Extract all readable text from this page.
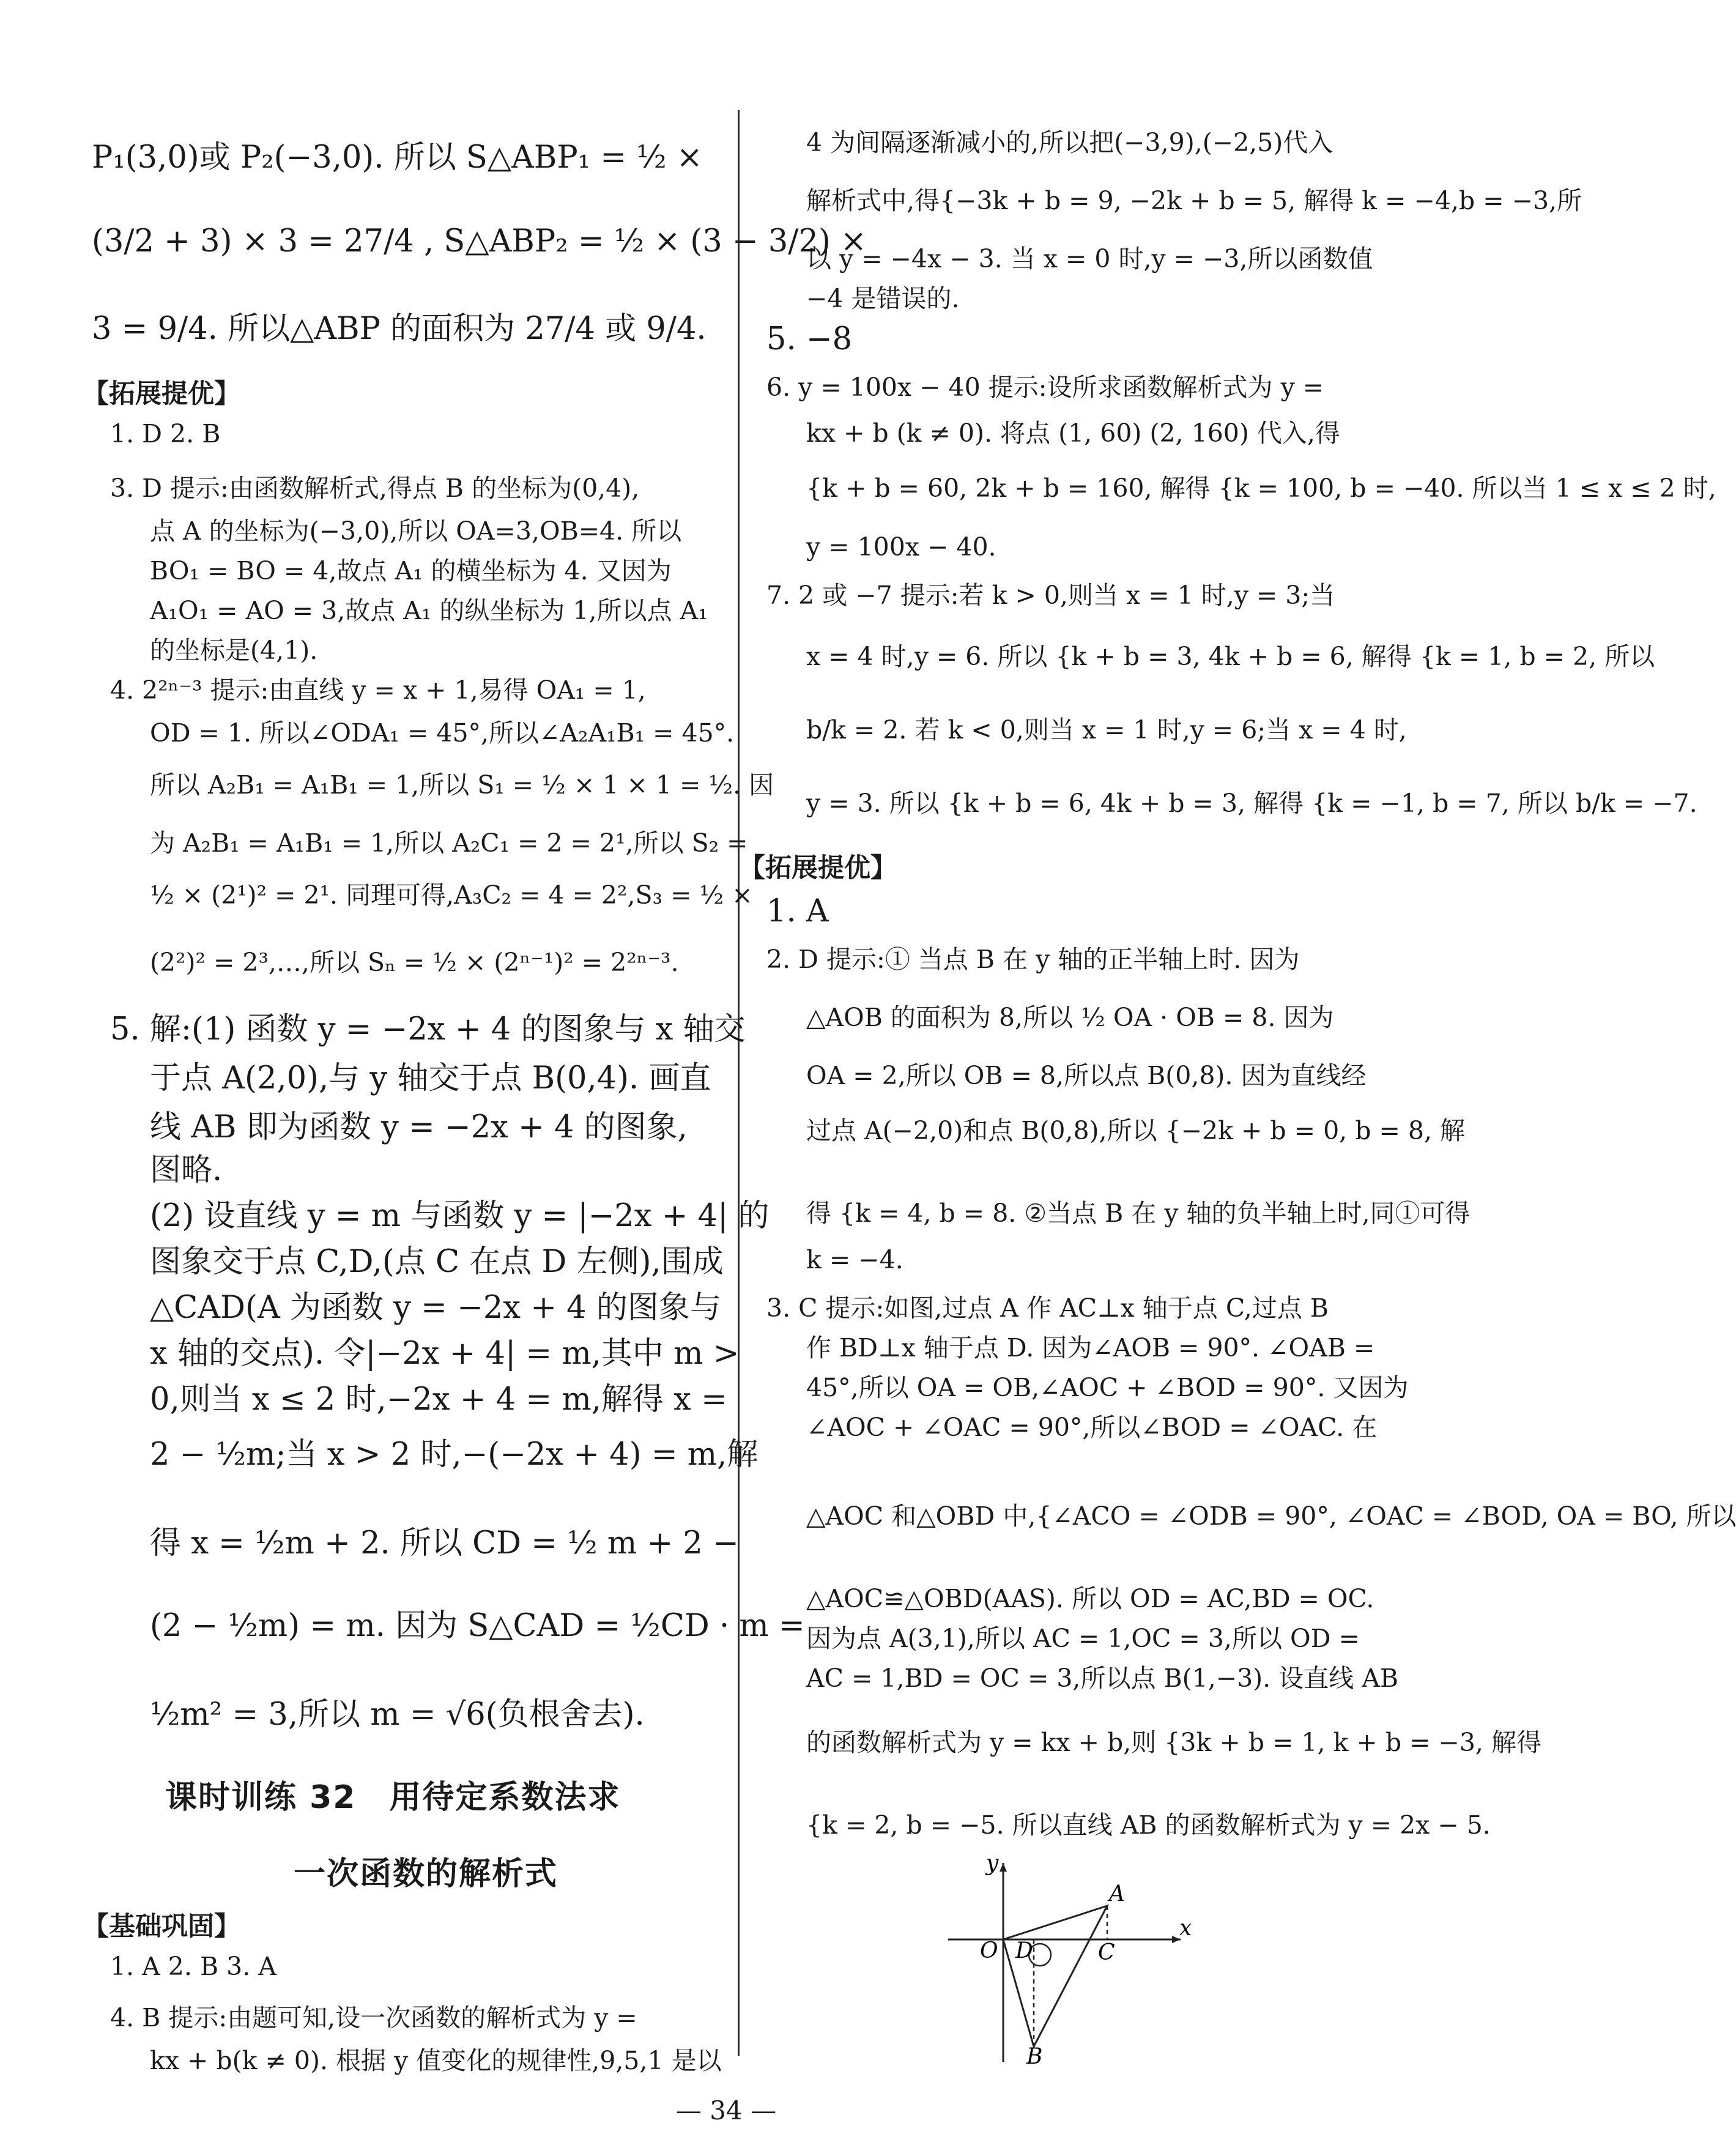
P₁(3,0)或 P₂(−3,0). 所以 S△ABP₁ = ½ ×
(3/2 + 3) × 3 = 27/4 , S△ABP₂ = ½ × (3 − 3/2) ×
3 = 9/4. 所以△ABP 的面积为 27/4 或 9/4.
【拓展提优】
1. D 2. B
3. D 提示:由函数解析式,得点 B 的坐标为(0,4),
点 A 的坐标为(−3,0),所以 OA=3,OB=4. 所以
BO₁ = BO = 4,故点 A₁ 的横坐标为 4. 又因为
A₁O₁ = AO = 3,故点 A₁ 的纵坐标为 1,所以点 A₁
的坐标是(4,1).
4. 2²ⁿ⁻³ 提示:由直线 y = x + 1,易得 OA₁ = 1,
OD = 1. 所以∠ODA₁ = 45°,所以∠A₂A₁B₁ = 45°.
所以 A₂B₁ = A₁B₁ = 1,所以 S₁ = ½ × 1 × 1 = ½. 因
为 A₂B₁ = A₁B₁ = 1,所以 A₂C₁ = 2 = 2¹,所以 S₂ =
½ × (2¹)² = 2¹. 同理可得,A₃C₂ = 4 = 2²,S₃ = ½ ×
(2²)² = 2³,…,所以 Sₙ = ½ × (2ⁿ⁻¹)² = 2²ⁿ⁻³.
5. 解:(1) 函数 y = −2x + 4 的图象与 x 轴交
于点 A(2,0),与 y 轴交于点 B(0,4). 画直
线 AB 即为函数 y = −2x + 4 的图象,
图略.
(2) 设直线 y = m 与函数 y = |−2x + 4| 的
图象交于点 C,D,(点 C 在点 D 左侧),围成
△CAD(A 为函数 y = −2x + 4 的图象与
x 轴的交点). 令|−2x + 4| = m,其中 m >
0,则当 x ≤ 2 时,−2x + 4 = m,解得 x =
2 − ½m;当 x > 2 时,−(−2x + 4) = m,解
得 x = ½m + 2. 所以 CD = ½ m + 2 −
(2 − ½m) = m. 因为 S△CAD = ½CD · m =
½m² = 3,所以 m = √6(负根舍去).
课时训练 32　用待定系数法求
一次函数的解析式
【基础巩固】
1. A 2. B 3. A
4. B 提示:由题可知,设一次函数的解析式为 y =
kx + b(k ≠ 0). 根据 y 值变化的规律性,9,5,1 是以
4 为间隔逐渐减小的,所以把(−3,9),(−2,5)代入
解析式中,得{−3k + b = 9, −2k + b = 5, 解得 k = −4,b = −3,所
以 y = −4x − 3. 当 x = 0 时,y = −3,所以函数值
−4 是错误的.
5. −8
6. y = 100x − 40 提示:设所求函数解析式为 y =
kx + b (k ≠ 0). 将点 (1, 60) (2, 160) 代入,得
{k + b = 60, 2k + b = 160, 解得 {k = 100, b = −40. 所以当 1 ≤ x ≤ 2 时,
y = 100x − 40.
7. 2 或 −7 提示:若 k > 0,则当 x = 1 时,y = 3;当
x = 4 时,y = 6. 所以 {k + b = 3, 4k + b = 6, 解得 {k = 1, b = 2, 所以
b/k = 2. 若 k < 0,则当 x = 1 时,y = 6;当 x = 4 时,
y = 3. 所以 {k + b = 6, 4k + b = 3, 解得 {k = −1, b = 7, 所以 b/k = −7.
【拓展提优】
1. A
2. D 提示:① 当点 B 在 y 轴的正半轴上时. 因为
△AOB 的面积为 8,所以 ½ OA · OB = 8. 因为
OA = 2,所以 OB = 8,所以点 B(0,8). 因为直线经
过点 A(−2,0)和点 B(0,8),所以 {−2k + b = 0, b = 8, 解
得 {k = 4, b = 8. ②当点 B 在 y 轴的负半轴上时,同①可得
k = −4.
3. C 提示:如图,过点 A 作 AC⊥x 轴于点 C,过点 B
作 BD⊥x 轴于点 D. 因为∠AOB = 90°. ∠OAB =
45°,所以 OA = OB,∠AOC + ∠BOD = 90°. 又因为
∠AOC + ∠OAC = 90°,所以∠BOD = ∠OAC. 在
△AOC 和△OBD 中,{∠ACO = ∠ODB = 90°, ∠OAC = ∠BOD, OA = BO, 所以
△AOC≌△OBD(AAS). 所以 OD = AC,BD = OC.
因为点 A(3,1),所以 AC = 1,OC = 3,所以 OD =
AC = 1,BD = OC = 3,所以点 B(1,−3). 设直线 AB
的函数解析式为 y = kx + b,则 {3k + b = 1, k + b = −3, 解得
{k = 2, b = −5. 所以直线 AB 的函数解析式为 y = 2x − 5.
y
x
O D	C
A
B
— 34 —
